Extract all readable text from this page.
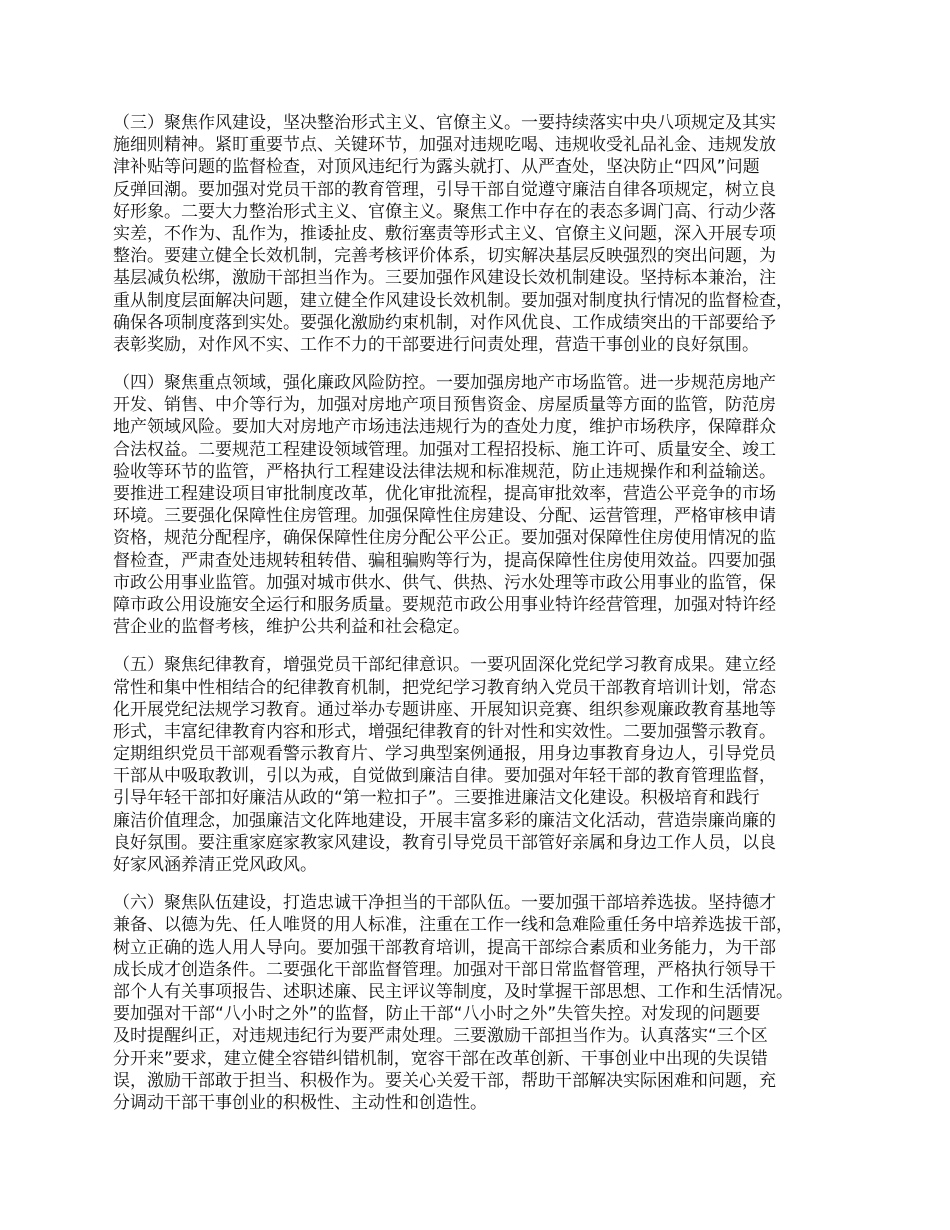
（三）聚焦作风建设，坚决整治形式主义、官僚主义。一要持续落实中央八项规定及其实
施细则精神。紧盯重要节点、关键环节，加强对违规吃喝、违规收受礼品礼金、违规发放
津补贴等问题的监督检查，对顶风违纪行为露头就打、从严查处，坚决防止“四风”问题
反弹回潮。要加强对党员干部的教育管理，引导干部自觉遵守廉洁自律各项规定，树立良
好形象。二要大力整治形式主义、官僚主义。聚焦工作中存在的表态多调门高、行动少落
实差，不作为、乱作为，推诿扯皮、敷衍塞责等形式主义、官僚主义问题，深入开展专项
整治。要建立健全长效机制，完善考核评价体系，切实解决基层反映强烈的突出问题，为
基层减负松绑，激励干部担当作为。三要加强作风建设长效机制建设。坚持标本兼治，注
重从制度层面解决问题，建立健全作风建设长效机制。要加强对制度执行情况的监督检查，
确保各项制度落到实处。要强化激励约束机制，对作风优良、工作成绩突出的干部要给予
表彰奖励，对作风不实、工作不力的干部要进行问责处理，营造干事创业的良好氛围。
（四）聚焦重点领域，强化廉政风险防控。一要加强房地产市场监管。进一步规范房地产
开发、销售、中介等行为，加强对房地产项目预售资金、房屋质量等方面的监管，防范房
地产领域风险。要加大对房地产市场违法违规行为的查处力度，维护市场秩序，保障群众
合法权益。二要规范工程建设领域管理。加强对工程招投标、施工许可、质量安全、竣工
验收等环节的监管，严格执行工程建设法律法规和标准规范，防止违规操作和利益输送。
要推进工程建设项目审批制度改革，优化审批流程，提高审批效率，营造公平竞争的市场
环境。三要强化保障性住房管理。加强保障性住房建设、分配、运营管理，严格审核申请
资格，规范分配程序，确保保障性住房分配公平公正。要加强对保障性住房使用情况的监
督检查，严肃查处违规转租转借、骗租骗购等行为，提高保障性住房使用效益。四要加强
市政公用事业监管。加强对城市供水、供气、供热、污水处理等市政公用事业的监管，保
障市政公用设施安全运行和服务质量。要规范市政公用事业特许经营管理，加强对特许经
营企业的监督考核，维护公共利益和社会稳定。
（五）聚焦纪律教育，增强党员干部纪律意识。一要巩固深化党纪学习教育成果。建立经
常性和集中性相结合的纪律教育机制，把党纪学习教育纳入党员干部教育培训计划，常态
化开展党纪法规学习教育。通过举办专题讲座、开展知识竞赛、组织参观廉政教育基地等
形式，丰富纪律教育内容和形式，增强纪律教育的针对性和实效性。二要加强警示教育。
定期组织党员干部观看警示教育片、学习典型案例通报，用身边事教育身边人，引导党员
干部从中吸取教训，引以为戒，自觉做到廉洁自律。要加强对年轻干部的教育管理监督，
引导年轻干部扣好廉洁从政的“第一粒扣子”。三要推进廉洁文化建设。积极培育和践行
廉洁价值理念，加强廉洁文化阵地建设，开展丰富多彩的廉洁文化活动，营造崇廉尚廉的
良好氛围。要注重家庭家教家风建设，教育引导党员干部管好亲属和身边工作人员，以良
好家风涵养清正党风政风。
（六）聚焦队伍建设，打造忠诚干净担当的干部队伍。一要加强干部培养选拔。坚持德才
兼备、以德为先、任人唯贤的用人标准，注重在工作一线和急难险重任务中培养选拔干部，
树立正确的选人用人导向。要加强干部教育培训，提高干部综合素质和业务能力，为干部
成长成才创造条件。二要强化干部监督管理。加强对干部日常监督管理，严格执行领导干
部个人有关事项报告、述职述廉、民主评议等制度，及时掌握干部思想、工作和生活情况。
要加强对干部“八小时之外”的监督，防止干部“八小时之外”失管失控。对发现的问题要
及时提醒纠正，对违规违纪行为要严肃处理。三要激励干部担当作为。认真落实“三个区
分开来”要求，建立健全容错纠错机制，宽容干部在改革创新、干事创业中出现的失误错
误，激励干部敢于担当、积极作为。要关心关爱干部，帮助干部解决实际困难和问题，充
分调动干部干事创业的积极性、主动性和创造性。
